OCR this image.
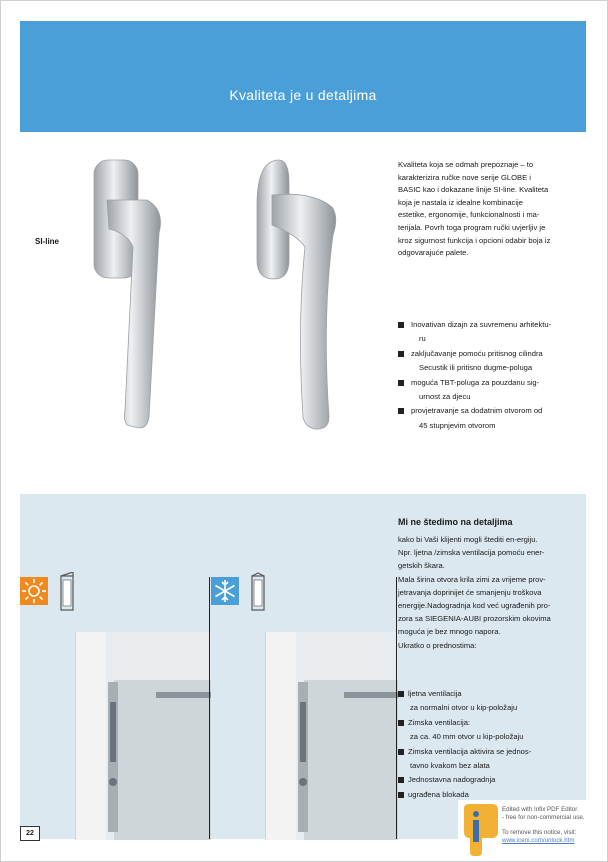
Kvaliteta je u detaljima
SI-line	GLOBE
Kvaliteta koja se odmah prepoznaje – to
karakterizira ručke nove serije GLOBE i
BASIC kao i dokazane linije SI-line. Kvaliteta
koja je nastala iz idealne kombinacije
estetike, ergonomije, funkcionalnosti i ma-
terijala. Povrh toga program ručki uvjerljiv je
kroz sigurnost funkcija i opcioni odabir boja iz
odgovarajuće palete.
Inovativan dizajn za suvremenu arhitektu-
ru
zaključavanje pomoću pritisnog cilindra
Secustik ili pritisno dugme-poluga
moguća TBT-poluga za pouzdanu sig-
urnost za djecu
provjetravanje sa dodatnim otvorom od
45 stupnjevim otvorom
Mi ne štedimo na detaljima
kako bi Vaši klijenti mogli štediti en-ergiju.
Npr. ljetna /zimska ventilacija pomoću ener-
getskih škara.
Mala širina otvora krila zimi za vrijeme prov-
jetravanja doprinijet će smanjenju troškova
energije.Nadogradnja kod već ugrađenih pro-
zora sa SIEGENIA-AUBI prozorskim okovima
moguća je bez mnogo napora.
Ukratko o prednostima:
ljetna ventilacija
za normalni otvor u kip-položaju
Zimska ventilacija:
za ca. 40 mm otvor u kip-položaju
Zimska ventilacija aktivira se jednos-
tavno kvakom bez alata
Jednostavna nadogradnja
ugrađena blokada
22
Edited with Infix PDF Editor
- free for non-commercial use.
To remove this notice, visit:
www.iceni.com/unlock.htm
